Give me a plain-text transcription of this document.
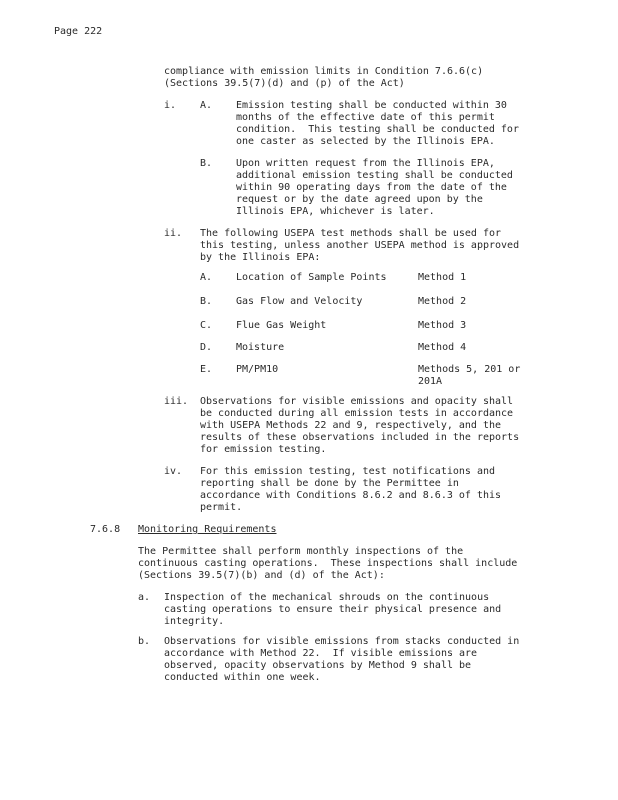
Page 222
compliance with emission limits in Condition 7.6.6(c)
(Sections 39.5(7)(d) and (p) of the Act)
i. A. Emission testing shall be conducted within 30
months of the effective date of this permit
condition.  This testing shall be conducted for
one caster as selected by the Illinois EPA.
B. Upon written request from the Illinois EPA,
additional emission testing shall be conducted
within 90 operating days from the date of the
request or by the date agreed upon by the
Illinois EPA, whichever is later.
ii. The following USEPA test methods shall be used for
this testing, unless another USEPA method is approved
by the Illinois EPA:
A. Location of Sample Points	Method 1
B. Gas Flow and Velocity	Method 2
C. Flue Gas Weight	Method 3
D. Moisture	Method 4
E. PM/PM10	Methods 5, 201 or
201A
iii. Observations for visible emissions and opacity shall
be conducted during all emission tests in accordance
with USEPA Methods 22 and 9, respectively, and the
results of these observations included in the reports
for emission testing.
iv. For this emission testing, test notifications and
reporting shall be done by the Permittee in
accordance with Conditions 8.6.2 and 8.6.3 of this
permit.
7.6.8 Monitoring Requirements
The Permittee shall perform monthly inspections of the
continuous casting operations.  These inspections shall include
(Sections 39.5(7)(b) and (d) of the Act):
a. Inspection of the mechanical shrouds on the continuous
casting operations to ensure their physical presence and
integrity.
b. Observations for visible emissions from stacks conducted in
accordance with Method 22.  If visible emissions are
observed, opacity observations by Method 9 shall be
conducted within one week.
